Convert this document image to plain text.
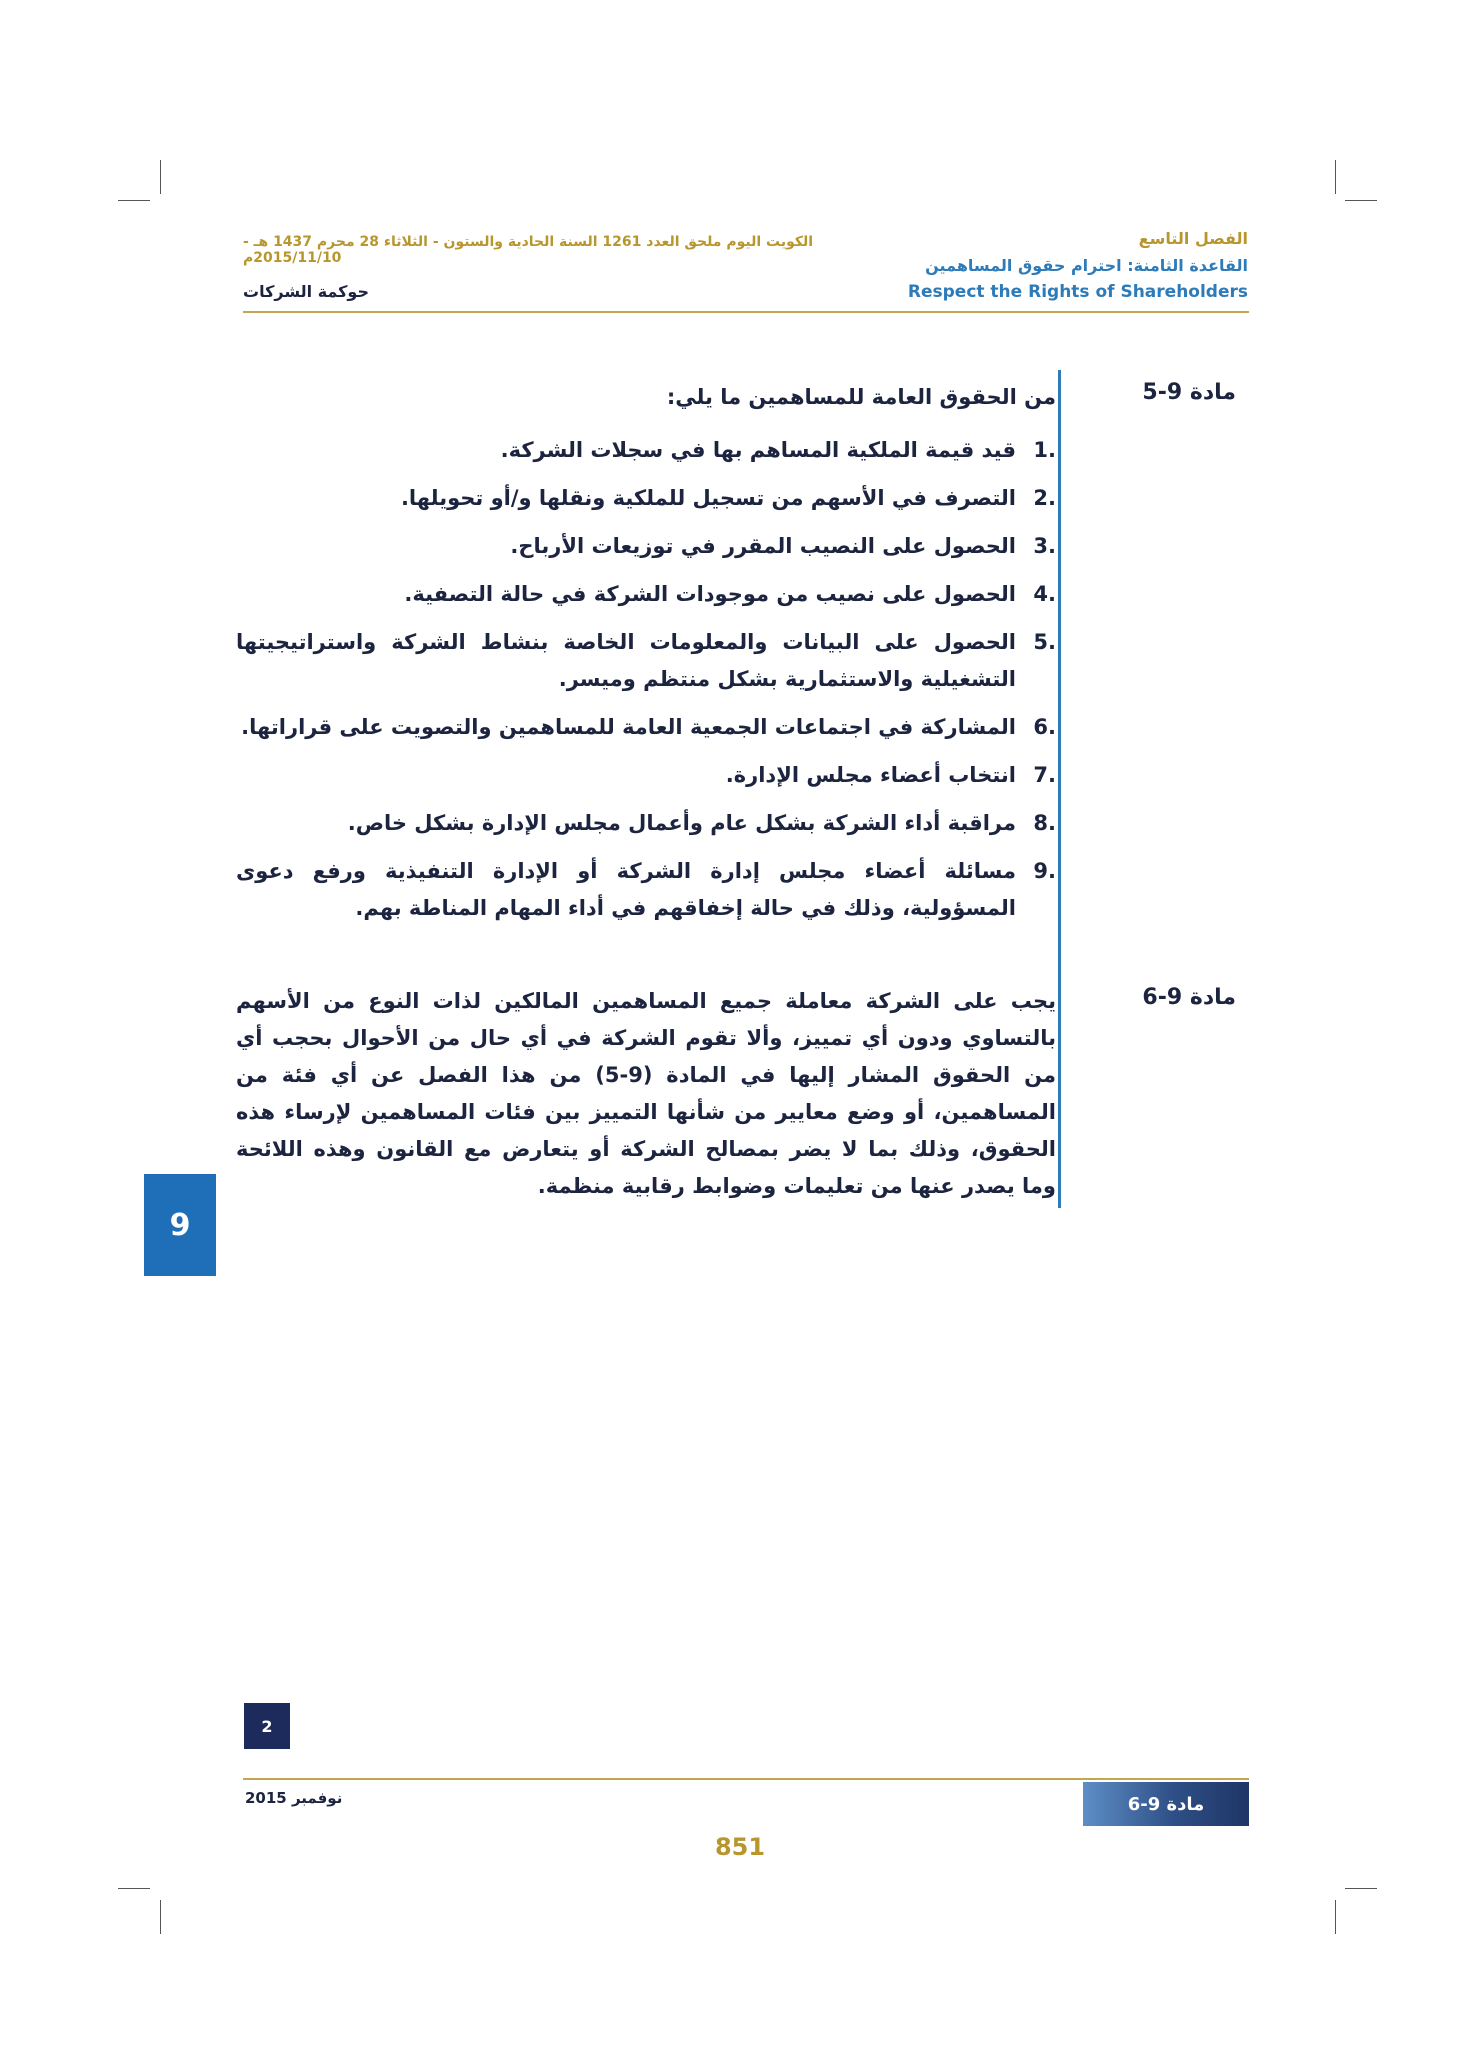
الكويت اليوم ملحق العدد 1261 السنة الحادية والستون - الثلاثاء 28 محرم 1437 هـ - 2015/11/10م
الفصل التاسع
القاعدة الثامنة: احترام حقوق المساهمين
Respect the Rights of Shareholders
حوكمة الشركات
مادة 9-5
من الحقوق العامة للمساهمين ما يلي:
1.
قيد قيمة الملكية المساهم بها في سجلات الشركة.
2.
التصرف في الأسهم من تسجيل للملكية ونقلها و/أو تحويلها.
3.
الحصول على النصيب المقرر في توزيعات الأرباح.
4.
الحصول على نصيب من موجودات الشركة في حالة التصفية.
5.
الحصول على البيانات والمعلومات الخاصة بنشاط الشركة واستراتيجيتها التشغيلية والاستثمارية بشكل منتظم وميسر.
6.
المشاركة في اجتماعات الجمعية العامة للمساهمين والتصويت على قراراتها.
7.
انتخاب أعضاء مجلس الإدارة.
8.
مراقبة أداء الشركة بشكل عام وأعمال مجلس الإدارة بشكل خاص.
9.
مسائلة أعضاء مجلس إدارة الشركة أو الإدارة التنفيذية ورفع دعوى المسؤولية، وذلك في حالة إخفاقهم في أداء المهام المناطة بهم.
مادة 9-6
يجب على الشركة معاملة جميع المساهمين المالكين لذات النوع من الأسهم بالتساوي ودون أي تمييز، وألا تقوم الشركة في أي حال من الأحوال بحجب أي من الحقوق المشار إليها في المادة (9-5) من هذا الفصل عن أي فئة من المساهمين، أو وضع معايير من شأنها التمييز بين فئات المساهمين لإرساء هذه الحقوق، وذلك بما لا يضر بمصالح الشركة أو يتعارض مع القانون وهذه اللائحة وما يصدر عنها من تعليمات وضوابط رقابية منظمة.
9
2
نوفمبر 2015	مادة 9-6
851
